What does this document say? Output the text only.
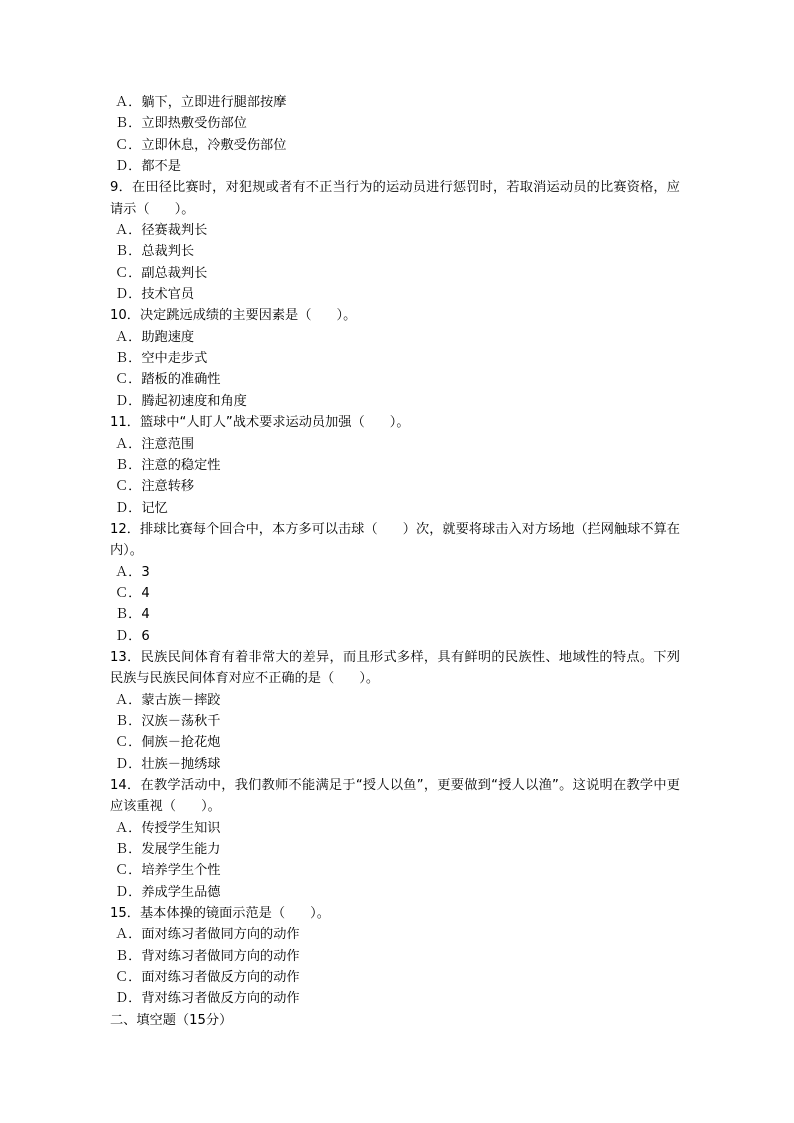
Ａ．躺下，立即进行腿部按摩
Ｂ．立即热敷受伤部位
Ｃ．立即休息，冷敷受伤部位
Ｄ．都不是
9．在田径比赛时，对犯规或者有不正当行为的运动员进行惩罚时，若取消运动员的比赛资格，应请示（      ）。
Ａ．径赛裁判长
Ｂ．总裁判长
Ｃ．副总裁判长
Ｄ．技术官员
10．决定跳远成绩的主要因素是（      ）。
Ａ．助跑速度
Ｂ．空中走步式
Ｃ．踏板的准确性
Ｄ．腾起初速度和角度
11．篮球中“人盯人”战术要求运动员加强（      ）。
Ａ．注意范围
Ｂ．注意的稳定性
Ｃ．注意转移
Ｄ．记忆
12．排球比赛每个回合中，本方多可以击球（      ）次，就要将球击入对方场地（拦网触球不算在内）。
Ａ．3
Ｃ．4
Ｂ．4
Ｄ．6
13．民族民间体育有着非常大的差异，而且形式多样，具有鲜明的民族性、地域性的特点。下列民族与民族民间体育对应不正确的是（      ）。
Ａ．蒙古族－摔跤
Ｂ．汉族－荡秋千
Ｃ．侗族－抢花炮
Ｄ．壮族－抛绣球
14．在教学活动中，我们教师不能满足于“授人以鱼”，更要做到“授人以渔”。这说明在教学中更应该重视（      ）。
Ａ．传授学生知识
Ｂ．发展学生能力
Ｃ．培养学生个性
Ｄ．养成学生品德
15．基本体操的镜面示范是（      ）。
Ａ．面对练习者做同方向的动作
Ｂ．背对练习者做同方向的动作
Ｃ．面对练习者做反方向的动作
Ｄ．背对练习者做反方向的动作
二、填空题（15分）
